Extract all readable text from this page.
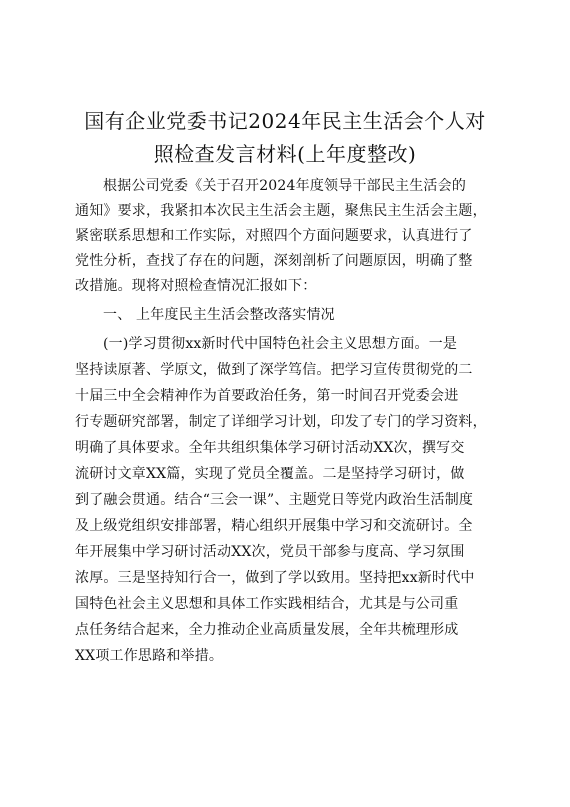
国有企业党委书记2024年民主生活会个人对
照检查发言材料(上年度整改)
根据公司党委《关于召开2024年度领导干部民主生活会的
通知》要求，我紧扣本次民主生活会主题，聚焦民主生活会主题，
紧密联系思想和工作实际，对照四个方面问题要求，认真进行了
党性分析，查找了存在的问题，深刻剖析了问题原因，明确了整
改措施。现将对照检查情况汇报如下：
一、 上年度民主生活会整改落实情况
(一)学习贯彻xx新时代中国特色社会主义思想方面。一是
坚持读原著、学原文，做到了深学笃信。把学习宣传贯彻党的二
十届三中全会精神作为首要政治任务，第一时间召开党委会进
行专题研究部署，制定了详细学习计划，印发了专门的学习资料，
明确了具体要求。全年共组织集体学习研讨活动XX次，撰写交
流研讨文章XX篇，实现了党员全覆盖。二是坚持学习研讨，做
到了融会贯通。结合“三会一课”、主题党日等党内政治生活制度
及上级党组织安排部署，精心组织开展集中学习和交流研讨。全
年开展集中学习研讨活动XX次，党员干部参与度高、学习氛围
浓厚。三是坚持知行合一，做到了学以致用。坚持把xx新时代中
国特色社会主义思想和具体工作实践相结合，尤其是与公司重
点任务结合起来，全力推动企业高质量发展，全年共梳理形成
XX项工作思路和举措。
